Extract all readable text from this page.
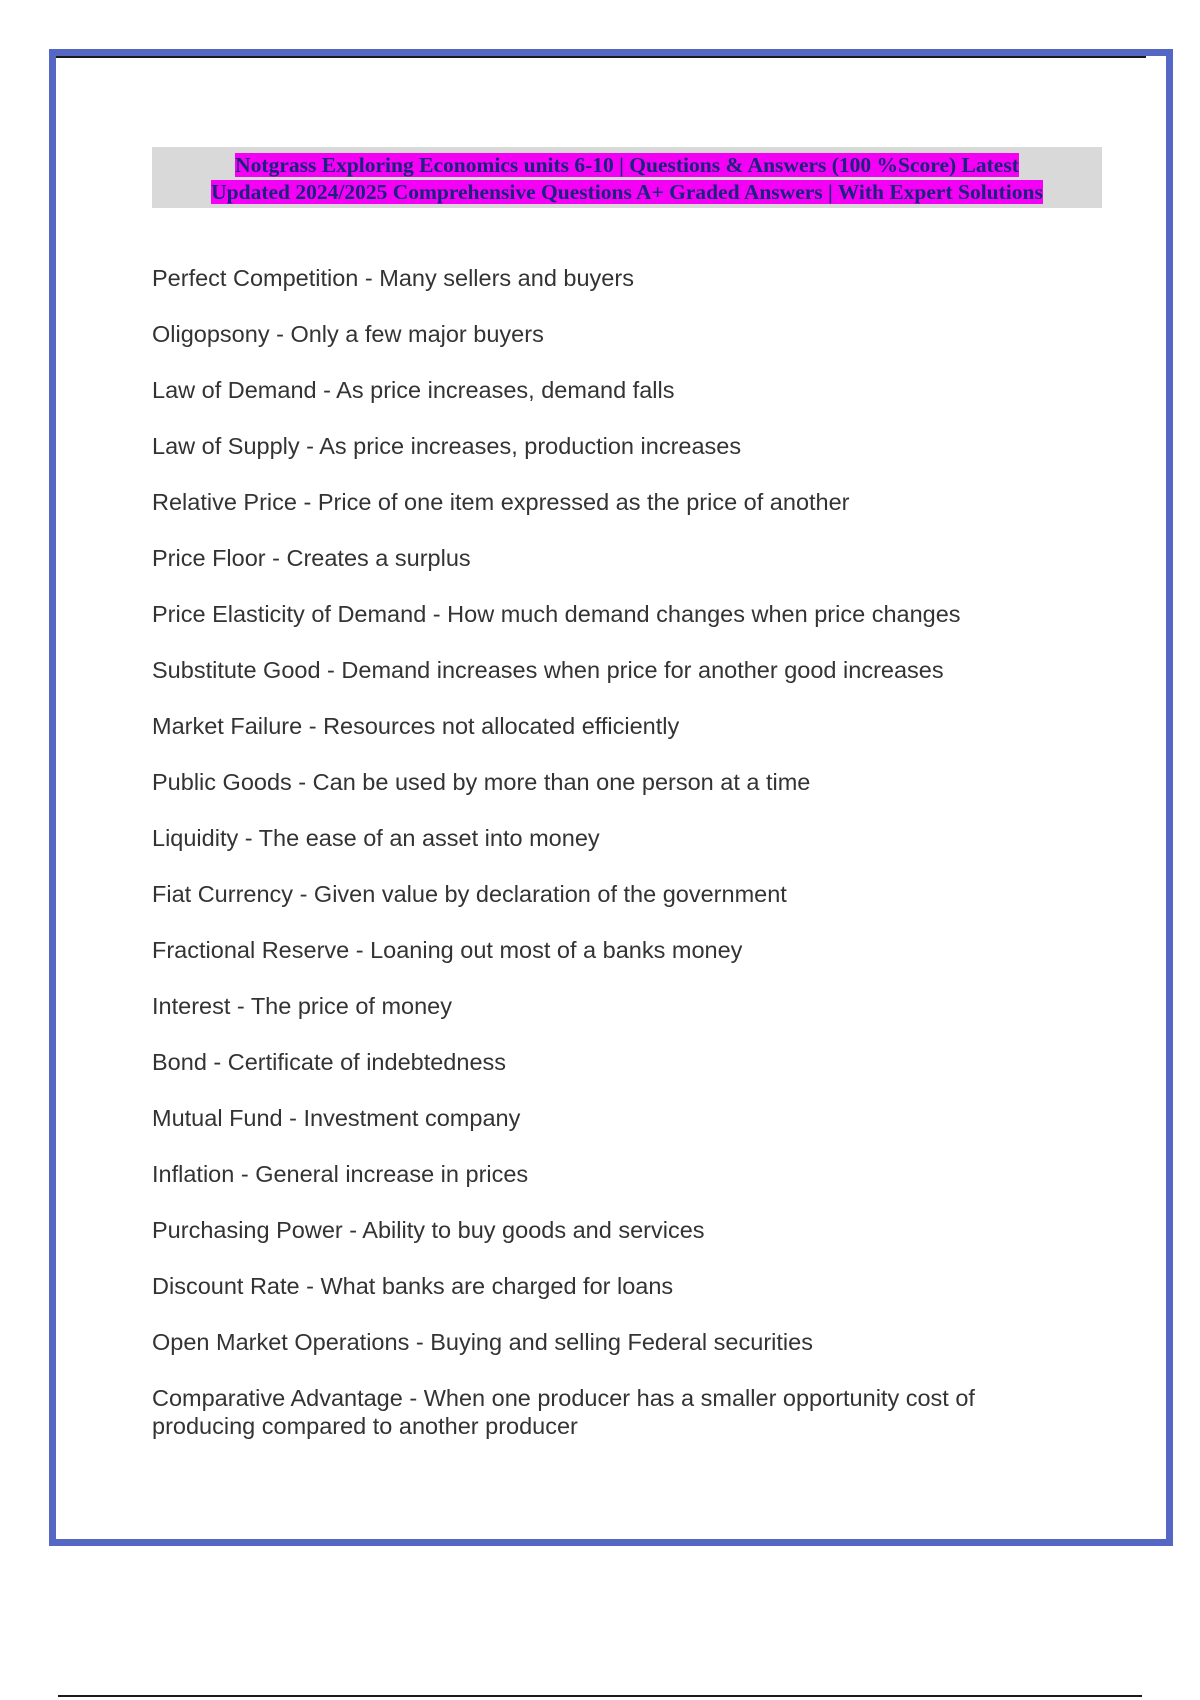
Notgrass Exploring Economics units 6-10 | Questions & Answers (100 %Score) Latest
Updated 2024/2025 Comprehensive Questions A+ Graded Answers | With Expert Solutions
Perfect Competition - Many sellers and buyers
Oligopsony - Only a few major buyers
Law of Demand - As price increases, demand falls
Law of Supply - As price increases, production increases
Relative Price - Price of one item expressed as the price of another
Price Floor - Creates a surplus
Price Elasticity of Demand - How much demand changes when price changes
Substitute Good - Demand increases when price for another good increases
Market Failure - Resources not allocated efficiently
Public Goods - Can be used by more than one person at a time
Liquidity - The ease of an asset into money
Fiat Currency - Given value by declaration of the government
Fractional Reserve - Loaning out most of a banks money
Interest - The price of money
Bond - Certificate of indebtedness
Mutual Fund - Investment company
Inflation - General increase in prices
Purchasing Power - Ability to buy goods and services
Discount Rate - What banks are charged for loans
Open Market Operations - Buying and selling Federal securities
Comparative Advantage - When one producer has a smaller opportunity cost of producing compared to another producer
